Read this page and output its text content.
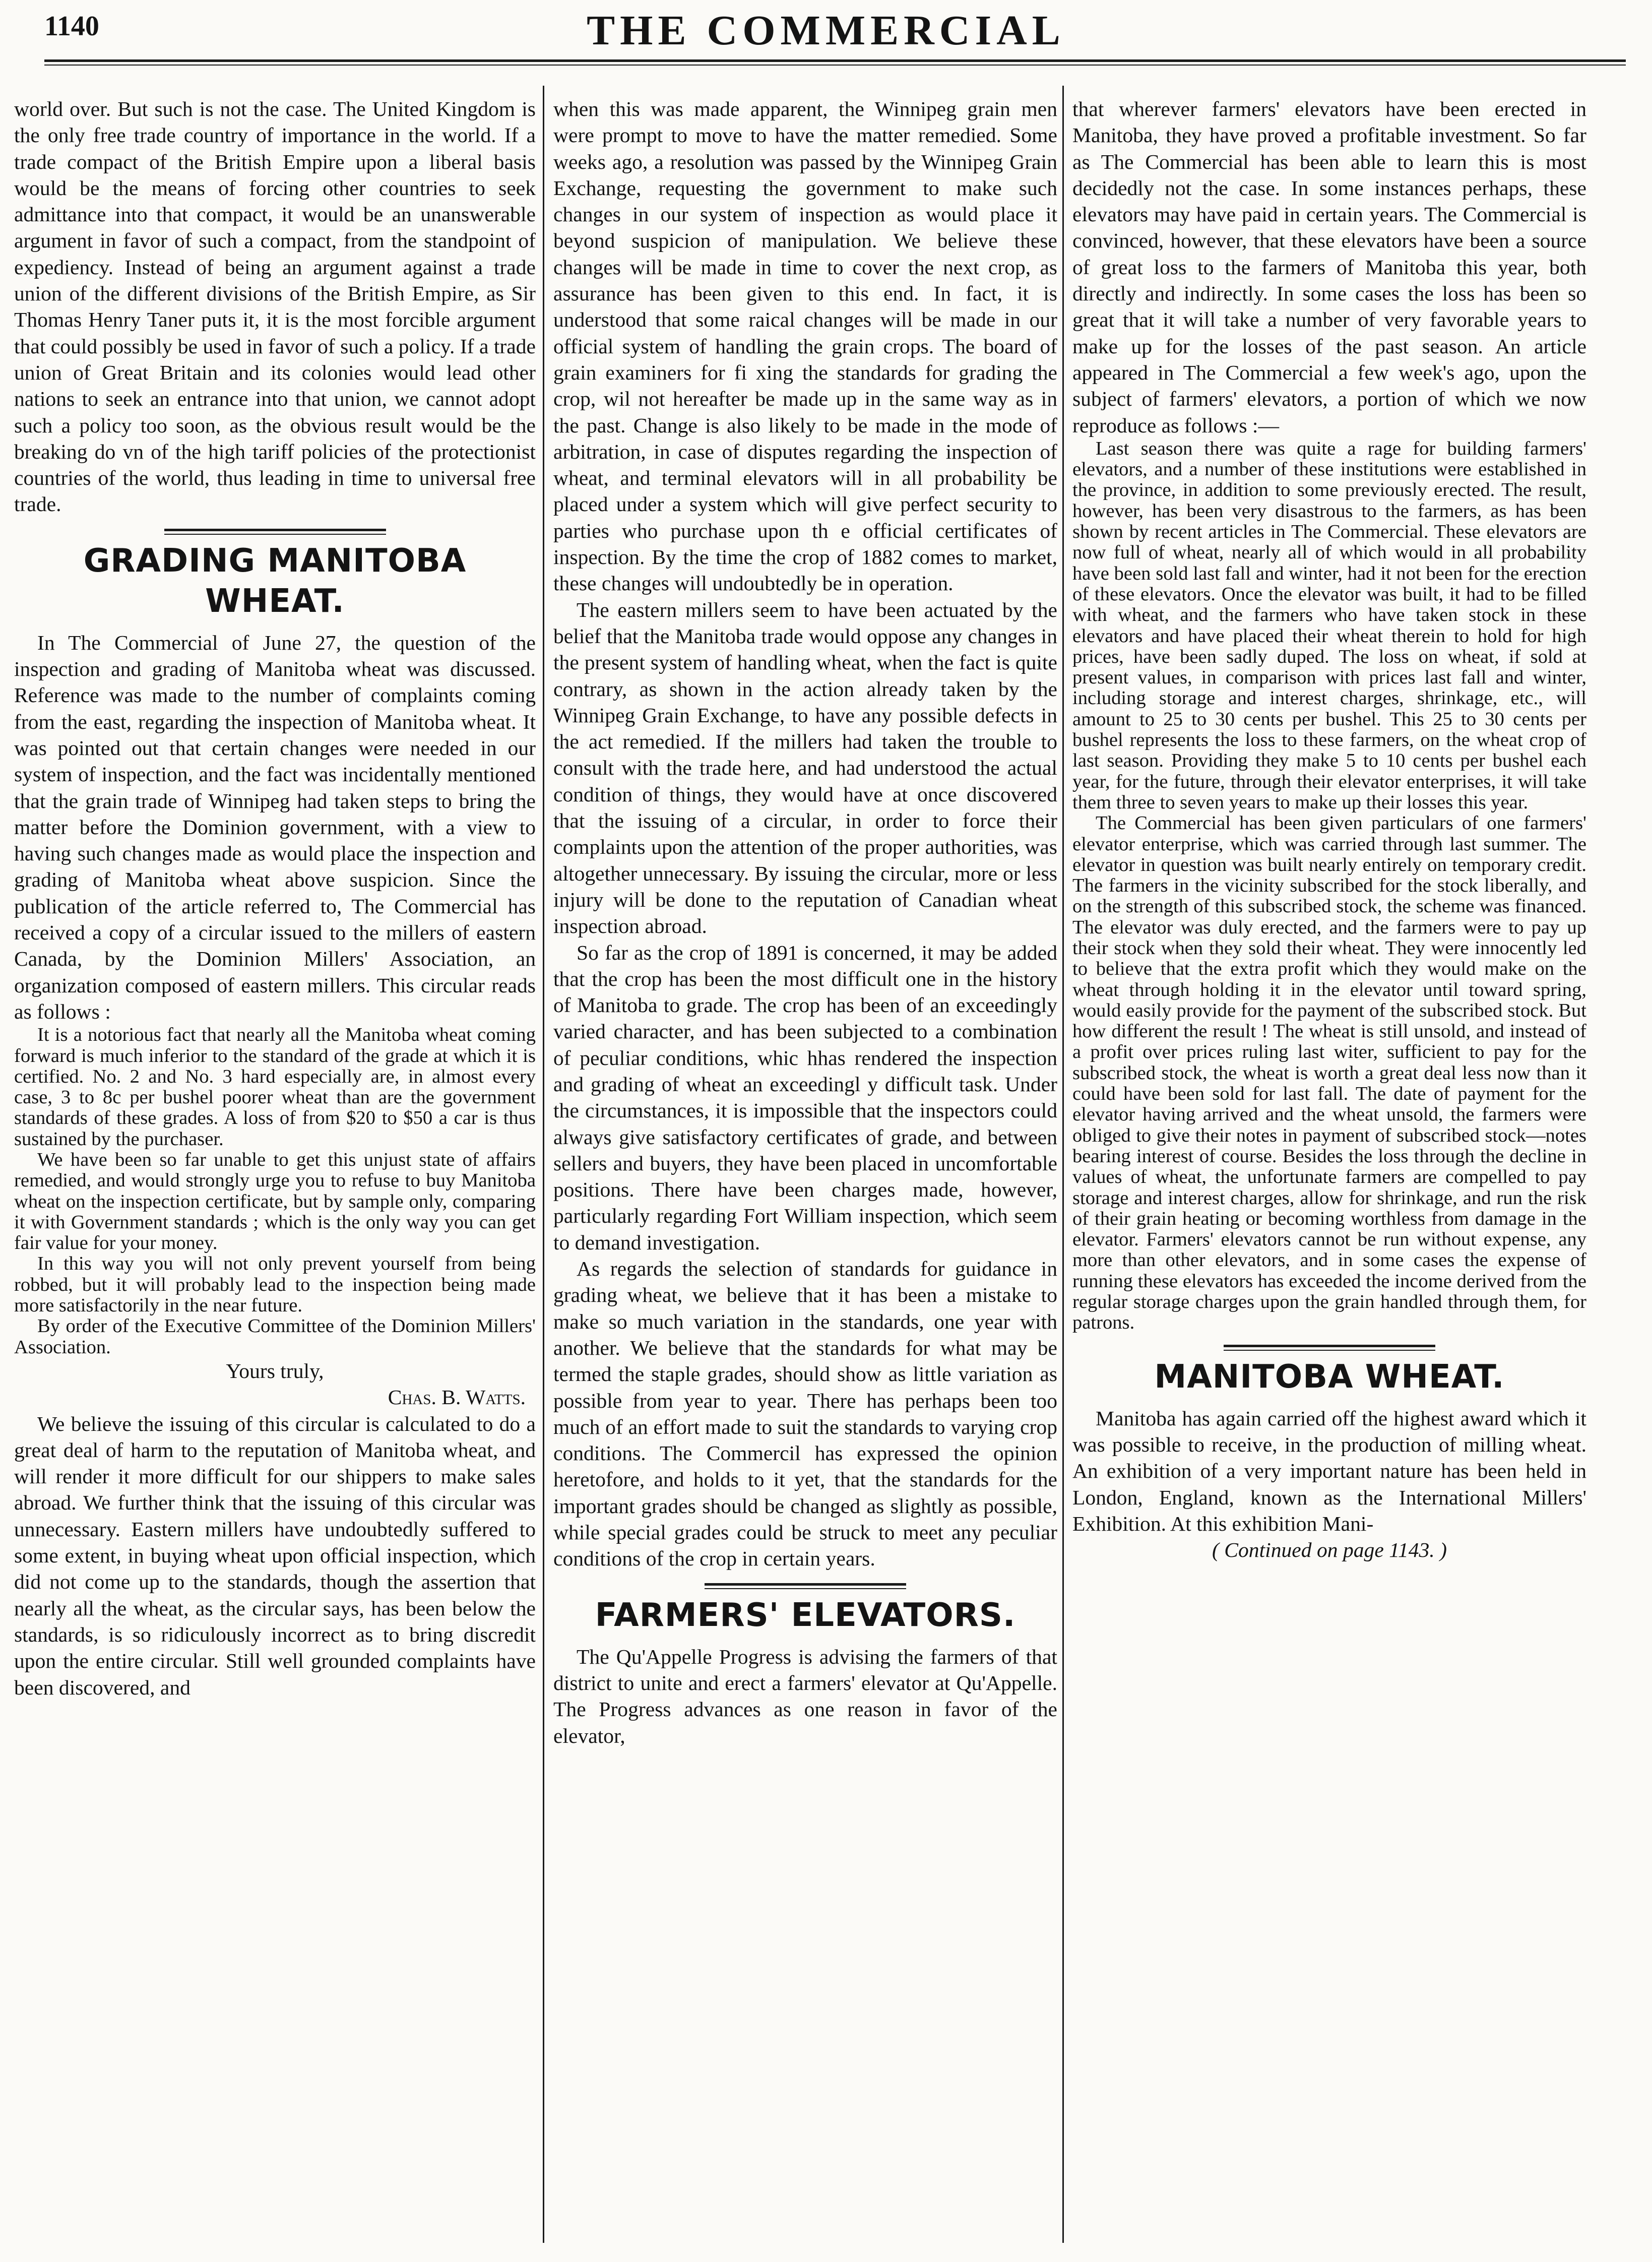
1140	THE COMMERCIAL

world over. But such is not the case. The United Kingdom is the only free trade country of importance in the world. If a trade compact of the British Empire upon a liberal basis would be the means of forcing other countries to seek admittance into that compact, it would be an unanswerable argument in favor of such a compact, from the standpoint of expediency. Instead of being an argument against a trade union of the different divisions of the British Empire, as Sir Thomas Henry Taner puts it, it is the most forcible argument that could possibly be used in favor of such a policy. If a trade union of Great Britain and its colonies would lead other nations to seek an entrance into that union, we cannot adopt such a policy too soon, as the obvious result would be the breaking do vn of the high tariff policies of the protectionist countries of the world, thus leading in time to universal free trade.

GRADING MANITOBA WHEAT.

In The Commercial of June 27, the question of the inspection and grading of Manitoba wheat was discussed. Reference was made to the number of complaints coming from the east, regarding the inspection of Manitoba wheat. It was pointed out that certain changes were needed in our system of inspection, and the fact was incidentally mentioned that the grain trade of Winnipeg had taken steps to bring the matter before the Dominion government, with a view to having such changes made as would place the inspection and grading of Manitoba wheat above suspicion. Since the publication of the article referred to, The Commercial has received a copy of a circular issued to the millers of eastern Canada, by the Dominion Millers' Association, an organization composed of eastern millers. This circular reads as follows :

It is a notorious fact that nearly all the Manitoba wheat coming forward is much inferior to the standard of the grade at which it is certified. No. 2 and No. 3 hard especially are, in almost every case, 3 to 8c per bushel poorer wheat than are the government standards of these grades. A loss of from $20 to $50 a car is thus sustained by the purchaser.

We have been so far unable to get this unjust state of affairs remedied, and would strongly urge you to refuse to buy Manitoba wheat on the inspection certificate, but by sample only, comparing it with Government standards ; which is the only way you can get fair value for your money.

In this way you will not only prevent yourself from being robbed, but it will probably lead to the inspection being made more satisfactorily in the near future.

By order of the Executive Committee of the Dominion Millers' Association.

Yours truly,

Chas. B. Watts.

We believe the issuing of this circular is calculated to do a great deal of harm to the reputation of Manitoba wheat, and will render it more difficult for our shippers to make sales abroad. We further think that the issuing of this circular was unnecessary. Eastern millers have undoubtedly suffered to some extent, in buying wheat upon official inspection, which did not come up to the standards, though the assertion that nearly all the wheat, as the circular says, has been below the standards, is so ridiculously incorrect as to bring discredit upon the entire circular. Still well grounded complaints have been discovered, and

when this was made apparent, the Winnipeg grain men were prompt to move to have the matter remedied. Some weeks ago, a resolution was passed by the Winnipeg Grain Exchange, requesting the government to make such changes in our system of inspection as would place it beyond suspicion of manipulation. We believe these changes will be made in time to cover the next crop, as assurance has been given to this end. In fact, it is understood that some raical changes will be made in our official system of handling the grain crops. The board of grain examiners for fi xing the standards for grading the crop, wil not hereafter be made up in the same way as in the past. Change is also likely to be made in the mode of arbitration, in case of disputes regarding the inspection of wheat, and terminal elevators will in all probability be placed under a system which will give perfect security to parties who purchase upon th e official certificates of inspection. By the time the crop of 1882 comes to market, these changes will undoubtedly be in operation.

The eastern millers seem to have been actuated by the belief that the Manitoba trade would oppose any changes in the present system of handling wheat, when the fact is quite contrary, as shown in the action already taken by the Winnipeg Grain Exchange, to have any possible defects in the act remedied. If the millers had taken the trouble to consult with the trade here, and had understood the actual condition of things, they would have at once discovered that the issuing of a circular, in order to force their complaints upon the attention of the proper authorities, was altogether unnecessary. By issuing the circular, more or less injury will be done to the reputation of Canadian wheat inspection abroad.

So far as the crop of 1891 is concerned, it may be added that the crop has been the most difficult one in the history of Manitoba to grade. The crop has been of an exceedingly varied character, and has been subjected to a combination of peculiar conditions, whic hhas rendered the inspection and grading of wheat an exceedingl y difficult task. Under the circumstances, it is impossible that the inspectors could always give satisfactory certificates of grade, and between sellers and buyers, they have been placed in uncomfortable positions. There have been charges made, however, particularly regarding Fort William inspection, which seem to demand investigation.

As regards the selection of standards for guidance in grading wheat, we believe that it has been a mistake to make so much variation in the standards, one year with another. We believe that the standards for what may be termed the staple grades, should show as little variation as possible from year to year. There has perhaps been too much of an effort made to suit the standards to varying crop conditions. The Commercil has expressed the opinion heretofore, and holds to it yet, that the standards for the important grades should be changed as slightly as possible, while special grades could be struck to meet any peculiar conditions of the crop in certain years.

FARMERS' ELEVATORS.

The Qu'Appelle Progress is advising the farmers of that district to unite and erect a farmers' elevator at Qu'Appelle. The Progress advances as one reason in favor of the elevator,

that wherever farmers' elevators have been erected in Manitoba, they have proved a profitable investment. So far as The Commercial has been able to learn this is most decidedly not the case. In some instances perhaps, these elevators may have paid in certain years. The Commercial is convinced, however, that these elevators have been a source of great loss to the farmers of Manitoba this year, both directly and indirectly. In some cases the loss has been so great that it will take a number of very favorable years to make up for the losses of the past season. An article appeared in The Commercial a few week's ago, upon the subject of farmers' elevators, a portion of which we now reproduce as follows :—

Last season there was quite a rage for building farmers' elevators, and a number of these institutions were established in the province, in addition to some previously erected. The result, however, has been very disastrous to the farmers, as has been shown by recent articles in The Commercial. These elevators are now full of wheat, nearly all of which would in all probability have been sold last fall and winter, had it not been for the erection of these elevators. Once the elevator was built, it had to be filled with wheat, and the farmers who have taken stock in these elevators and have placed their wheat therein to hold for high prices, have been sadly duped. The loss on wheat, if sold at present values, in comparison with prices last fall and winter, including storage and interest charges, shrinkage, etc., will amount to 25 to 30 cents per bushel. This 25 to 30 cents per bushel represents the loss to these farmers, on the wheat crop of last season. Providing they make 5 to 10 cents per bushel each year, for the future, through their elevator enterprises, it will take them three to seven years to make up their losses this year.

The Commercial has been given particulars of one farmers' elevator enterprise, which was carried through last summer. The elevator in question was built nearly entirely on temporary credit. The farmers in the vicinity subscribed for the stock liberally, and on the strength of this subscribed stock, the scheme was financed. The elevator was duly erected, and the farmers were to pay up their stock when they sold their wheat. They were innocently led to believe that the extra profit which they would make on the wheat through holding it in the elevator until toward spring, would easily provide for the payment of the subscribed stock. But how different the result ! The wheat is still unsold, and instead of a profit over prices ruling last witer, sufficient to pay for the subscribed stock, the wheat is worth a great deal less now than it could have been sold for last fall. The date of payment for the elevator having arrived and the wheat unsold, the farmers were obliged to give their notes in payment of subscribed stock—notes bearing interest of course. Besides the loss through the decline in values of wheat, the unfortunate farmers are compelled to pay storage and interest charges, allow for shrinkage, and run the risk of their grain heating or becoming worthless from damage in the elevator. Farmers' elevators cannot be run without expense, any more than other elevators, and in some cases the expense of running these elevators has exceeded the income derived from the regular storage charges upon the grain handled through them, for patrons.

MANITOBA WHEAT.

Manitoba has again carried off the highest award which it was possible to receive, in the production of milling wheat. An exhibition of a very important nature has been held in London, England, known as the International Millers' Exhibition. At this exhibition Mani-

( Continued on page 1143. )
